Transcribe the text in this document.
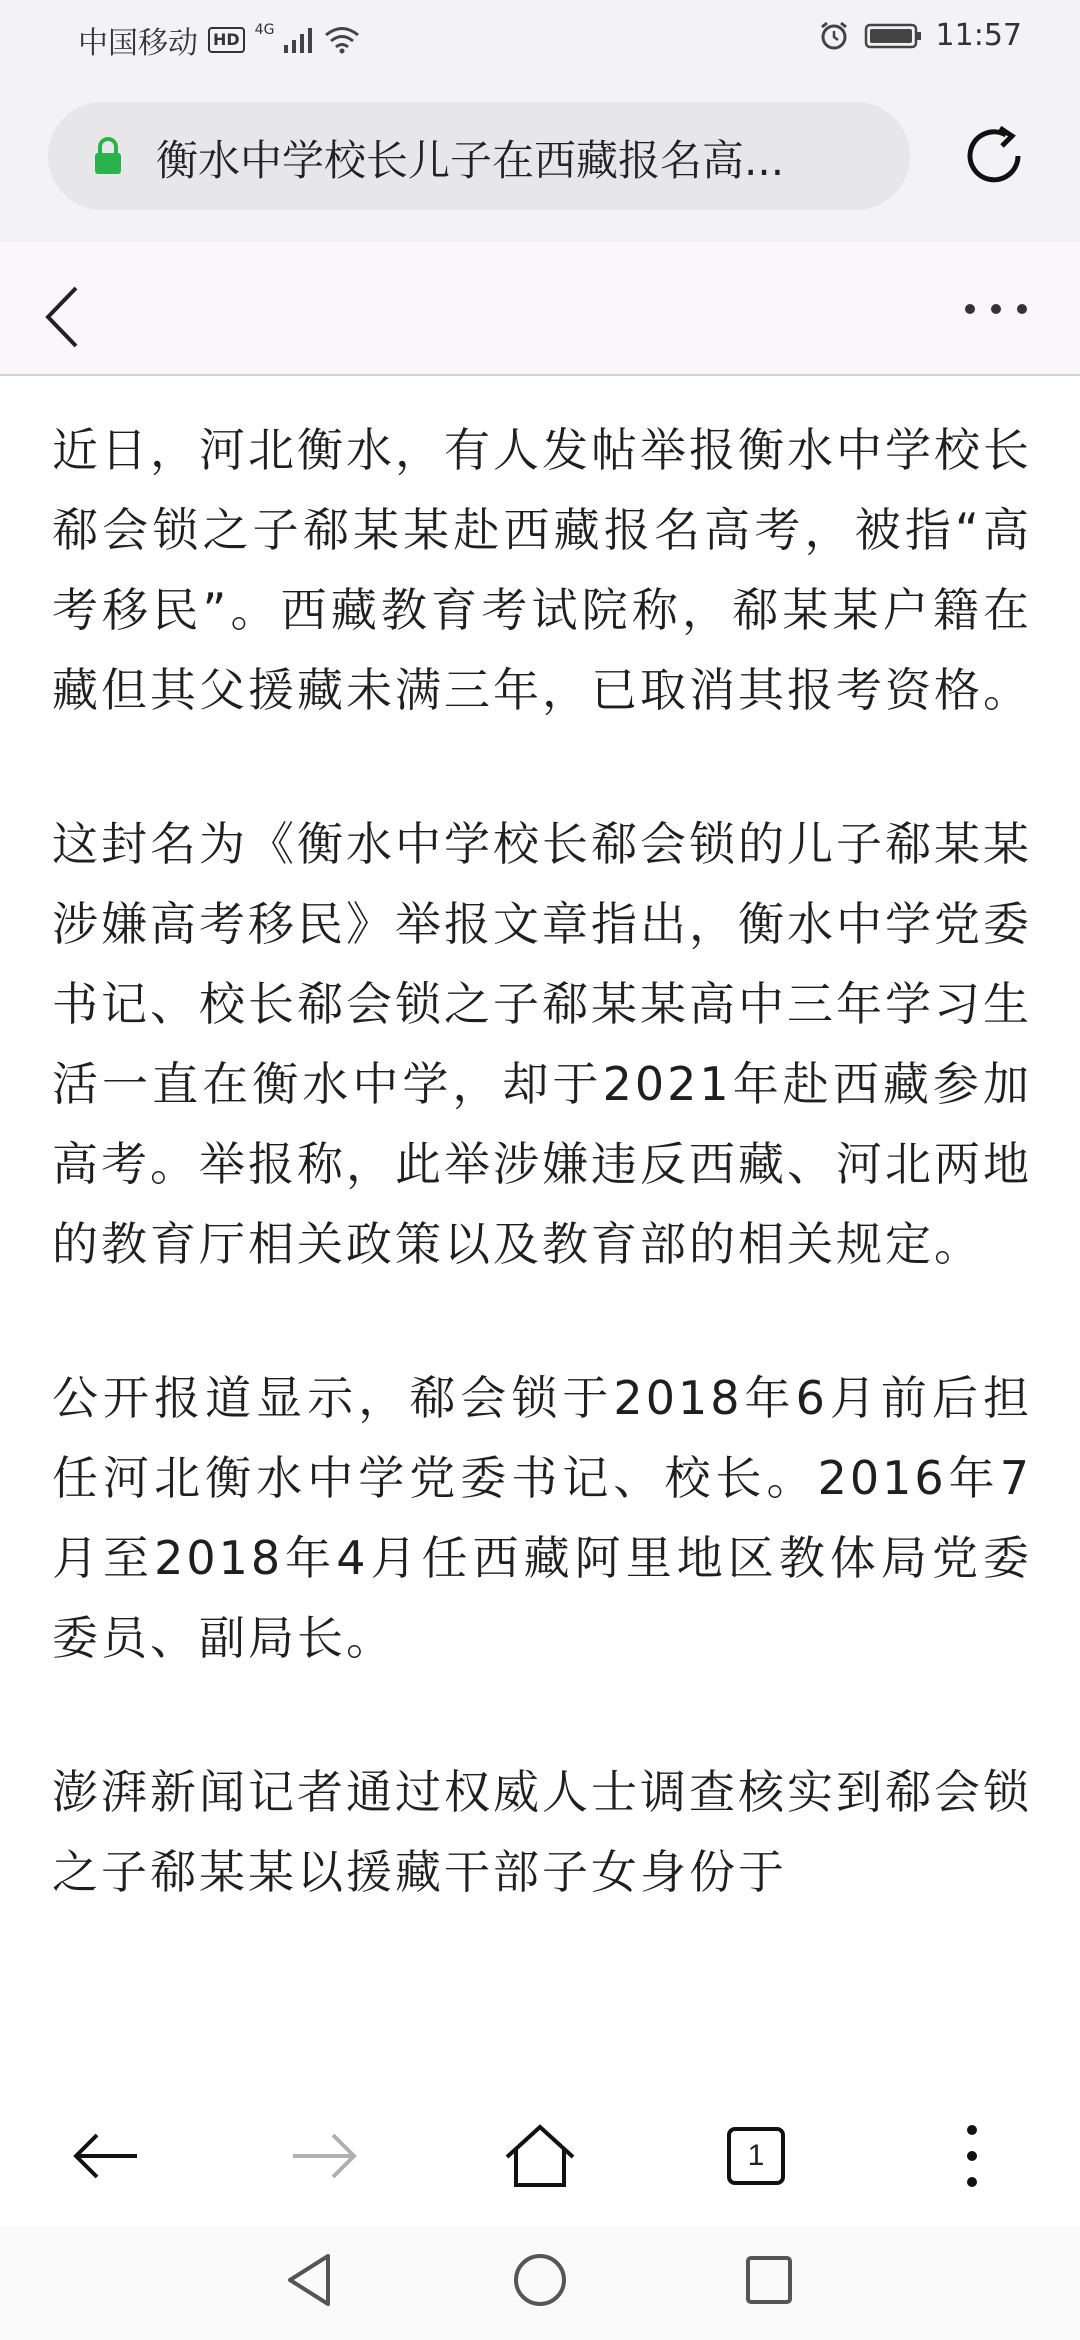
中国移动 HD	4G	11:57
衡水中学校长儿子在西藏报名高...

近日，河北衡水，有人发帖举报衡水中学校长郗会锁之子郗某某赴西藏报名高考，被指“高考移民”。西藏教育考试院称，郗某某户籍在藏但其父援藏未满三年，已取消其报考资格。

这封名为《衡水中学校长郗会锁的儿子郗某某涉嫌高考移民》举报文章指出，衡水中学党委书记、校长郗会锁之子郗某某高中三年学习生活一直在衡水中学，却于2021年赴西藏参加高考。举报称，此举涉嫌违反西藏、河北两地的教育厅相关政策以及教育部的相关规定。

公开报道显示，郗会锁于2018年6月前后担任河北衡水中学党委书记、校长。2016年7月至2018年4月任西藏阿里地区教体局党委委员、副局长。

澎湃新闻记者通过权威人士调查核实到郗会锁之子郗某某以援藏干部子女身份于

1
